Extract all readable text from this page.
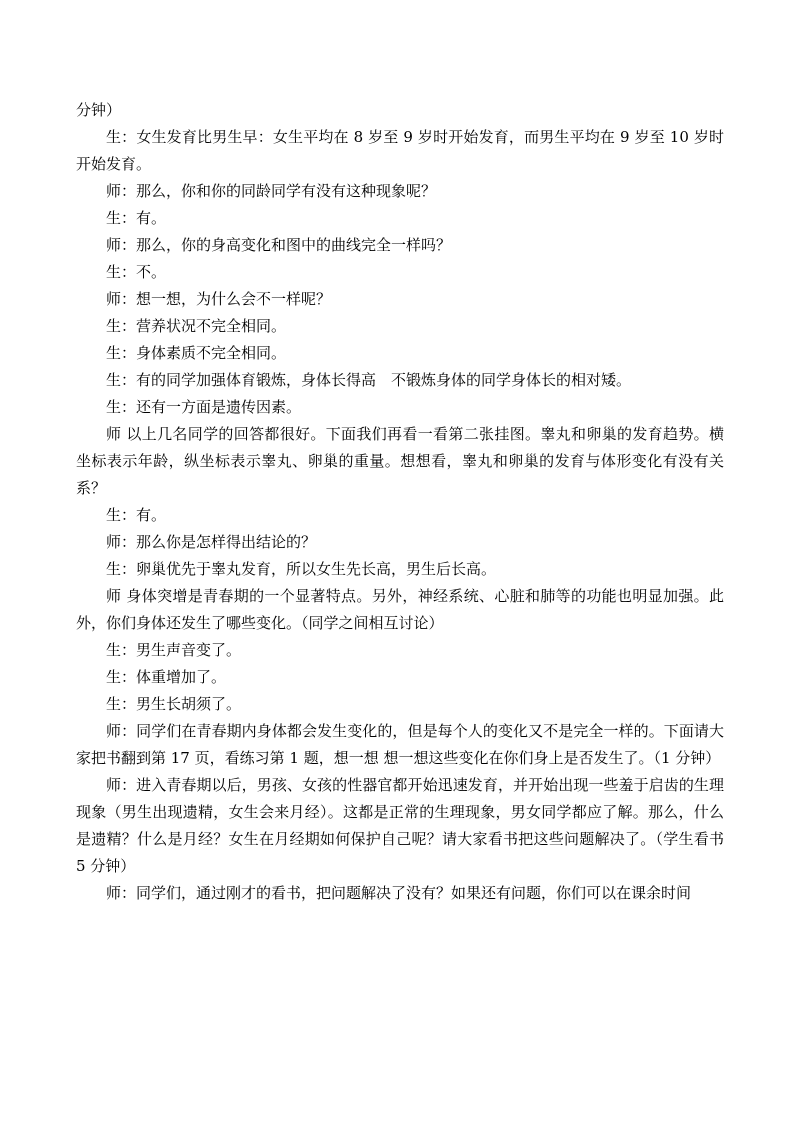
分钟）

生：女生发育比男生早：女生平均在 8 岁至 9 岁时开始发育，而男生平均在 9 岁至 10 岁时开始发育。

师：那么，你和你的同龄同学有没有这种现象呢？

生：有。

师：那么，你的身高变化和图中的曲线完全一样吗？

生：不。

师：想一想，为什么会不一样呢？

生：营养状况不完全相同。

生：身体素质不完全相同。

生：有的同学加强体育锻炼，身体长得高　不锻炼身体的同学身体长的相对矮。

生：还有一方面是遗传因素。

师 以上几名同学的回答都很好。下面我们再看一看第二张挂图。睾丸和卵巢的发育趋势。横坐标表示年龄，纵坐标表示睾丸、卵巢的重量。想想看，睾丸和卵巢的发育与体形变化有没有关系？

生：有。

师：那么你是怎样得出结论的？

生：卵巢优先于睾丸发育，所以女生先长高，男生后长高。

师 身体突增是青春期的一个显著特点。另外，神经系统、心脏和肺等的功能也明显加强。此外，你们身体还发生了哪些变化。（同学之间相互讨论）

生：男生声音变了。

生：体重增加了。

生：男生长胡须了。

师：同学们在青春期内身体都会发生变化的，但是每个人的变化又不是完全一样的。下面请大家把书翻到第 17 页，看练习第 1 题，想一想 想一想这些变化在你们身上是否发生了。（1 分钟）

师：进入青春期以后，男孩、女孩的性器官都开始迅速发育，并开始出现一些羞于启齿的生理现象（男生出现遗精，女生会来月经）。这都是正常的生理现象，男女同学都应了解。那么，什么是遗精？什么是月经？女生在月经期如何保护自己呢？请大家看书把这些问题解决了。（学生看书 5 分钟）

师：同学们，通过刚才的看书，把问题解决了没有？如果还有问题，你们可以在课余时间
